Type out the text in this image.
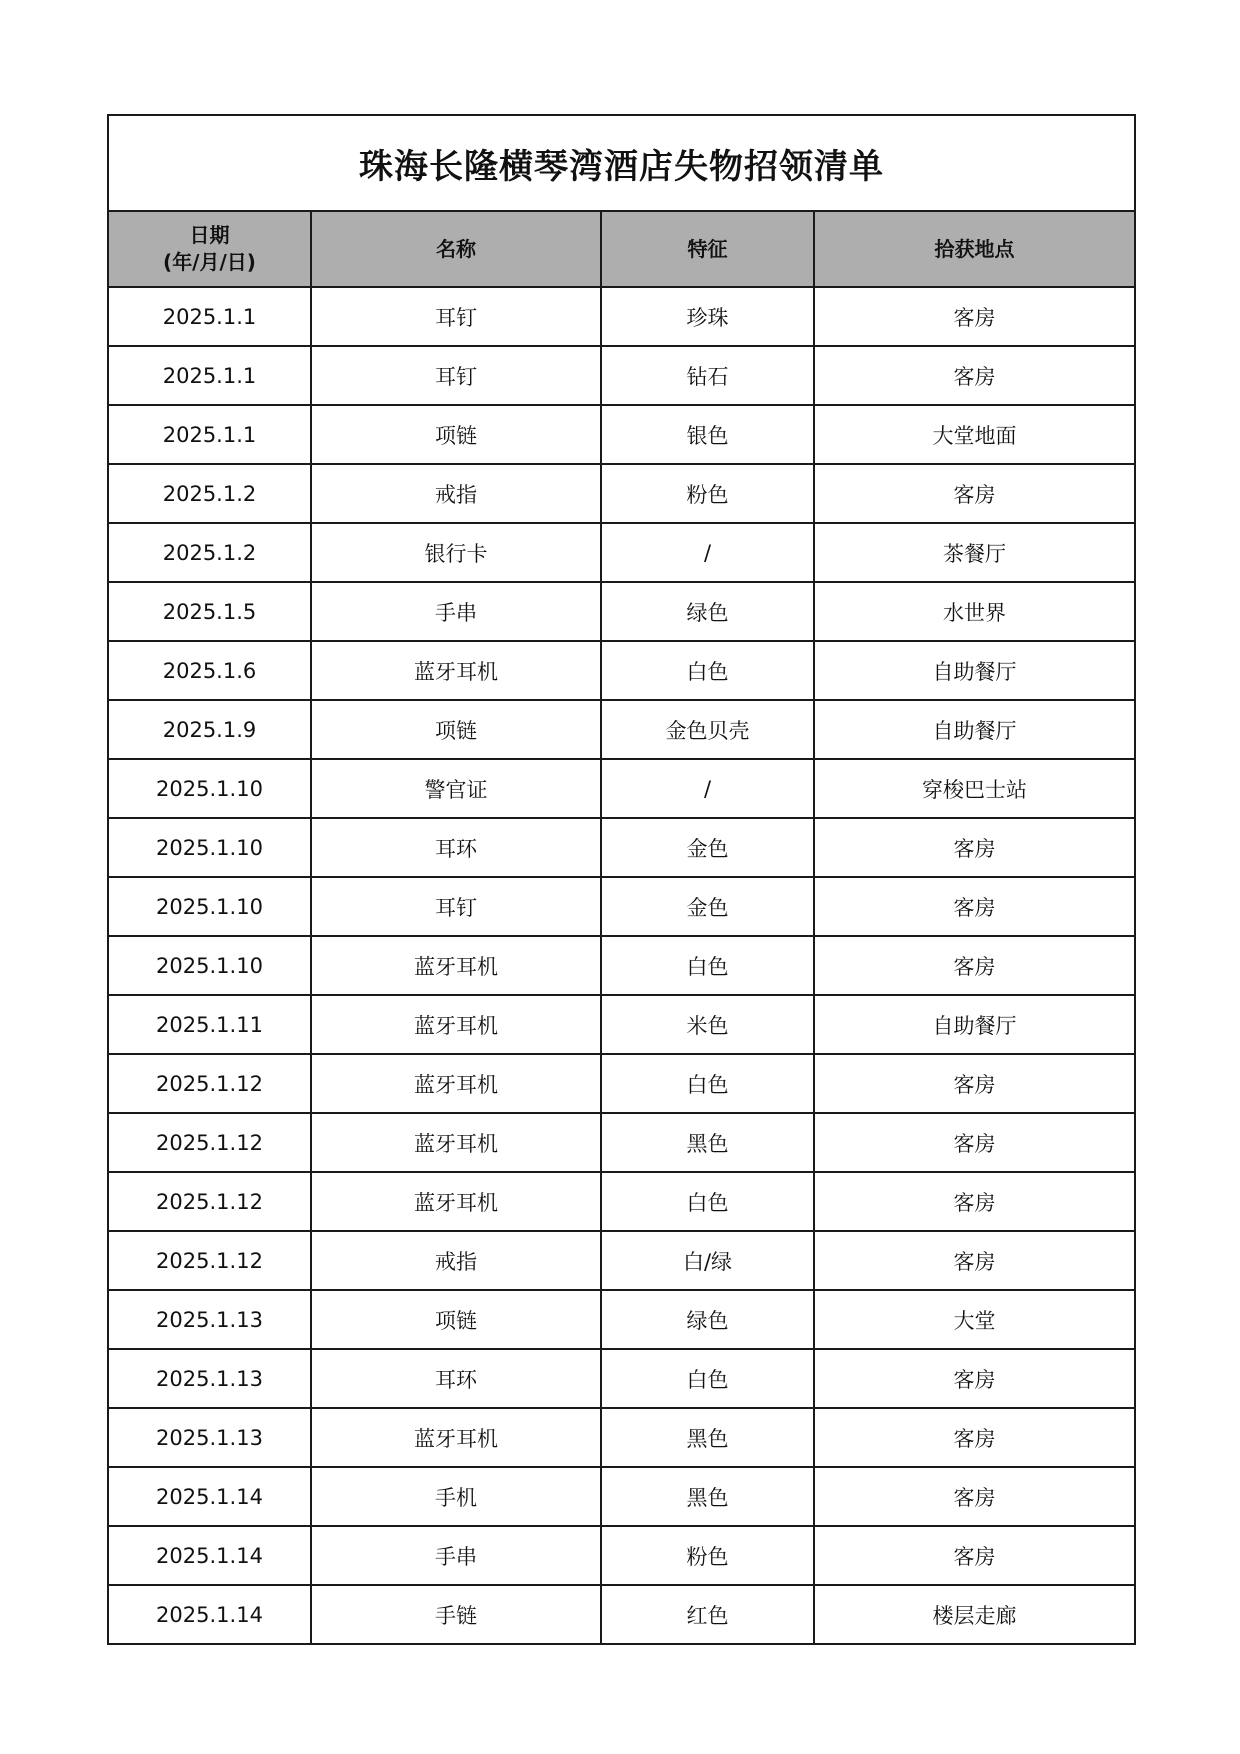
珠海长隆横琴湾酒店失物招领清单			

日期
(年/月/日)	名称	特征	拾获地点
2025.1.1	耳钉	珍珠	客房
2025.1.1	耳钉	钻石	客房
2025.1.1	项链	银色	大堂地面
2025.1.2	戒指	粉色	客房
2025.1.2	银行卡	/	茶餐厅
2025.1.5	手串	绿色	水世界
2025.1.6	蓝牙耳机	白色	自助餐厅
2025.1.9	项链	金色贝壳	自助餐厅
2025.1.10	警官证	/	穿梭巴士站
2025.1.10	耳环	金色	客房
2025.1.10	耳钉	金色	客房
2025.1.10	蓝牙耳机	白色	客房
2025.1.11	蓝牙耳机	米色	自助餐厅
2025.1.12	蓝牙耳机	白色	客房
2025.1.12	蓝牙耳机	黑色	客房
2025.1.12	蓝牙耳机	白色	客房
2025.1.12	戒指	白/绿	客房
2025.1.13	项链	绿色	大堂
2025.1.13	耳环	白色	客房
2025.1.13	蓝牙耳机	黑色	客房
2025.1.14	手机	黑色	客房
2025.1.14	手串	粉色	客房
2025.1.14	手链	红色	楼层走廊
